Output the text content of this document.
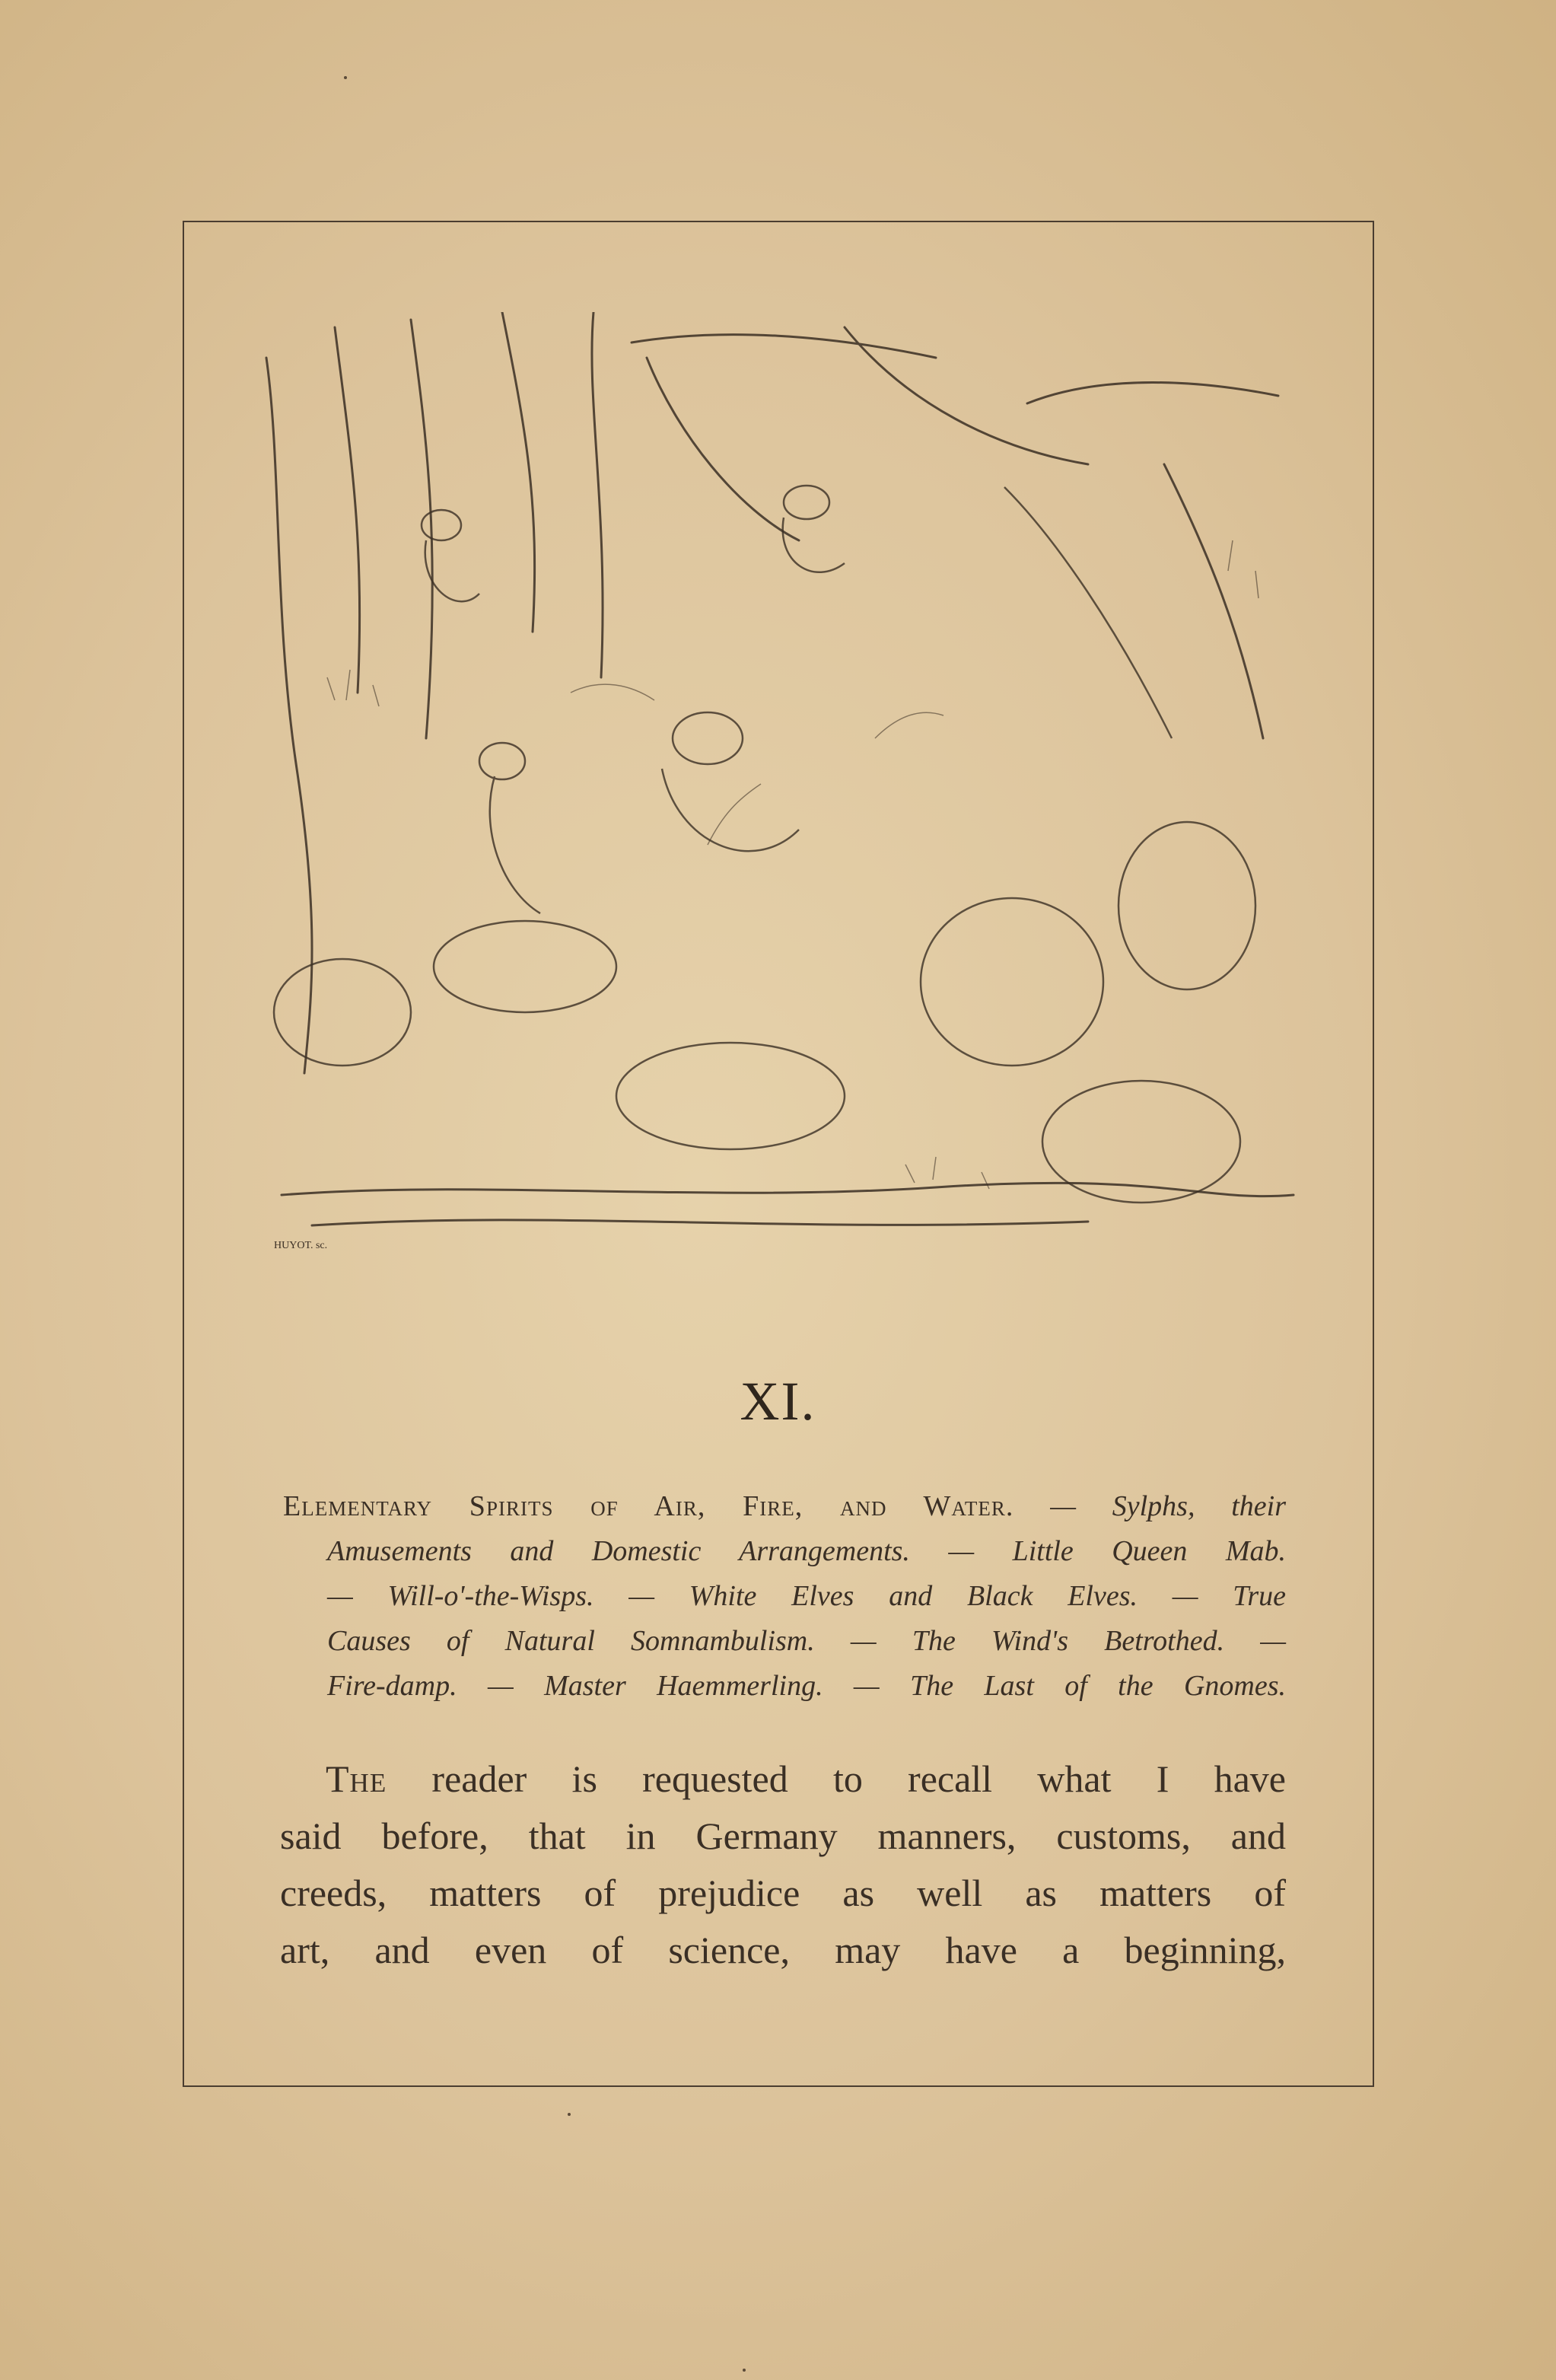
HUYOT. sc.
XI.
Elementary Spirits of Air, Fire, and Water. — Sylphs, their
Amusements and Domestic Arrangements. — Little Queen Mab.
— Will-o'-the-Wisps. — White Elves and Black Elves. — True
Causes of Natural Somnambulism. — The Wind's Betrothed. —
Fire-damp. — Master Haemmerling. — The Last of the Gnomes.
The reader is requested to recall what I have
said before, that in Germany manners, customs, and
creeds, matters of prejudice as well as matters of
art, and even of science, may have a beginning,
